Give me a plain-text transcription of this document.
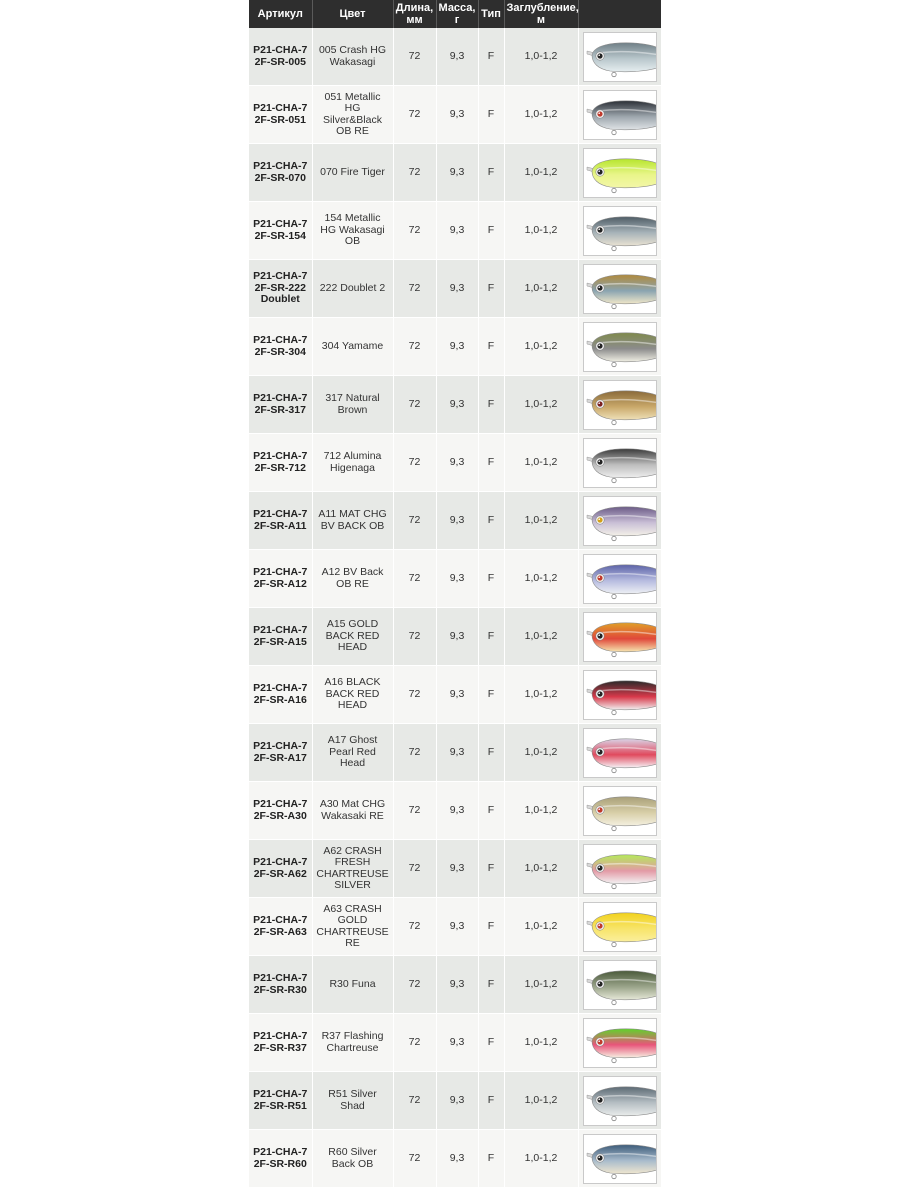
Артикул	Цвет	Длина, мм	Масса, г	Тип	Заглубление, м	
P21-CHA-72F-SR-005	005 Crash HG Wakasagi	72	9,3	F	1,0-1,2	

P21-CHA-72F-SR-051	051 Metallic HG Silver&Black OB RE	72	9,3	F	1,0-1,2	

P21-CHA-72F-SR-070	070 Fire Tiger	72	9,3	F	1,0-1,2	

P21-CHA-72F-SR-154	154 Metallic HG Wakasagi OB	72	9,3	F	1,0-1,2	

P21-CHA-72F-SR-222Doublet	222 Doublet 2	72	9,3	F	1,0-1,2	

P21-CHA-72F-SR-304	304 Yamame	72	9,3	F	1,0-1,2	

P21-CHA-72F-SR-317	317 Natural Brown	72	9,3	F	1,0-1,2	

P21-CHA-72F-SR-712	712 Alumina Higenaga	72	9,3	F	1,0-1,2	

P21-CHA-72F-SR-A11	A11 MAT CHG BV BACK OB	72	9,3	F	1,0-1,2	

P21-CHA-72F-SR-A12	A12 BV Back OB RE	72	9,3	F	1,0-1,2	

P21-CHA-72F-SR-A15	A15 GOLD BACK RED HEAD	72	9,3	F	1,0-1,2	

P21-CHA-72F-SR-A16	A16 BLACK BACK RED HEAD	72	9,3	F	1,0-1,2	

P21-CHA-72F-SR-A17	A17 Ghost Pearl Red Head	72	9,3	F	1,0-1,2	

P21-CHA-72F-SR-A30	A30 Mat CHG Wakasaki RE	72	9,3	F	1,0-1,2	

P21-CHA-72F-SR-A62	A62 CRASH FRESH CHARTREUSE SILVER	72	9,3	F	1,0-1,2	

P21-CHA-72F-SR-A63	A63 CRASH GOLD CHARTREUSE RE	72	9,3	F	1,0-1,2	

P21-CHA-72F-SR-R30	R30 Funa	72	9,3	F	1,0-1,2	

P21-CHA-72F-SR-R37	R37 Flashing Chartreuse	72	9,3	F	1,0-1,2	

P21-CHA-72F-SR-R51	R51 Silver Shad	72	9,3	F	1,0-1,2	

P21-CHA-72F-SR-R60	R60 Silver Back OB	72	9,3	F	1,0-1,2	
